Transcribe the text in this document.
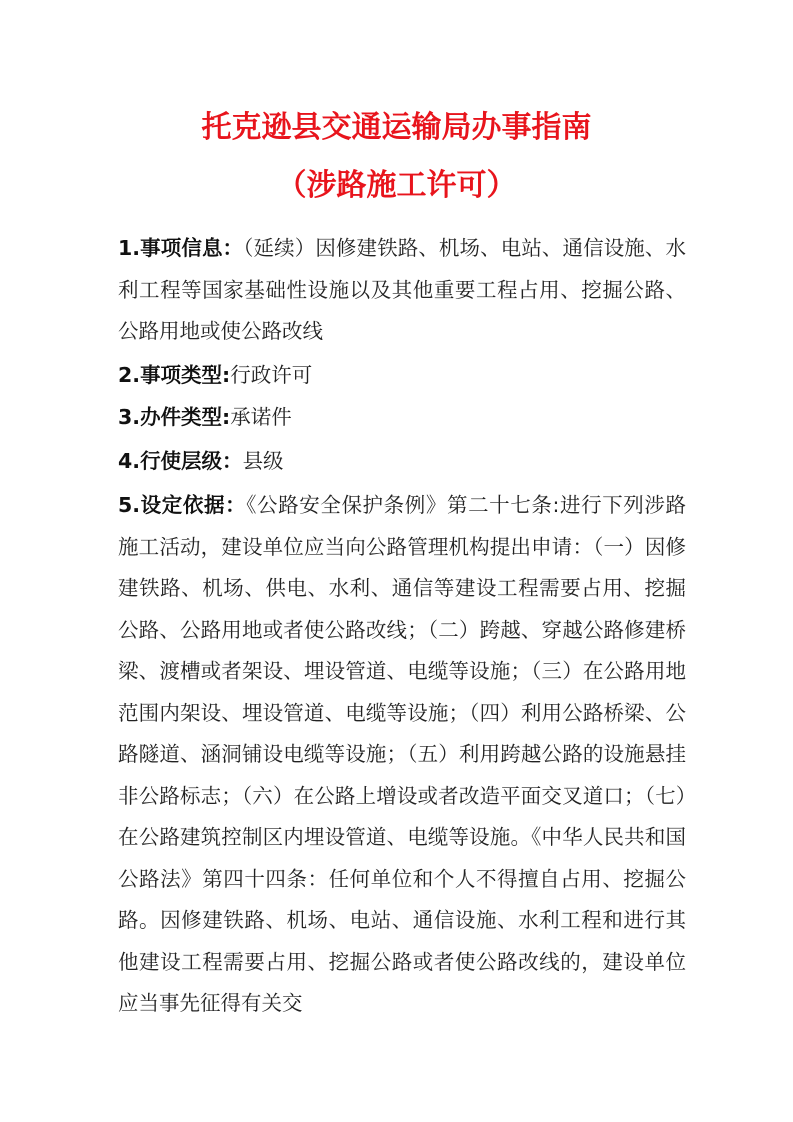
托克逊县交通运输局办事指南
（涉路施工许可）

1.事项信息：（延续）因修建铁路、机场、电站、通信设施、水利工程等国家基础性设施以及其他重要工程占用、挖掘公路、公路用地或使公路改线

2.事项类型:行政许可

3.办件类型:承诺件

4.行使层级：县级

5.设定依据：《公路安全保护条例》第二十七条:进行下列涉路施工活动，建设单位应当向公路管理机构提出申请：（一）因修建铁路、机场、供电、水利、通信等建设工程需要占用、挖掘公路、公路用地或者使公路改线；（二）跨越、穿越公路修建桥梁、渡槽或者架设、埋设管道、电缆等设施；（三）在公路用地范围内架设、埋设管道、电缆等设施；（四）利用公路桥梁、公路隧道、涵洞铺设电缆等设施；（五）利用跨越公路的设施悬挂非公路标志；（六）在公路上增设或者改造平面交叉道口；（七）在公路建筑控制区内埋设管道、电缆等设施。《中华人民共和国公路法》第四十四条：任何单位和个人不得擅自占用、挖掘公路。因修建铁路、机场、电站、通信设施、水利工程和进行其他建设工程需要占用、挖掘公路或者使公路改线的，建设单位应当事先征得有关交
